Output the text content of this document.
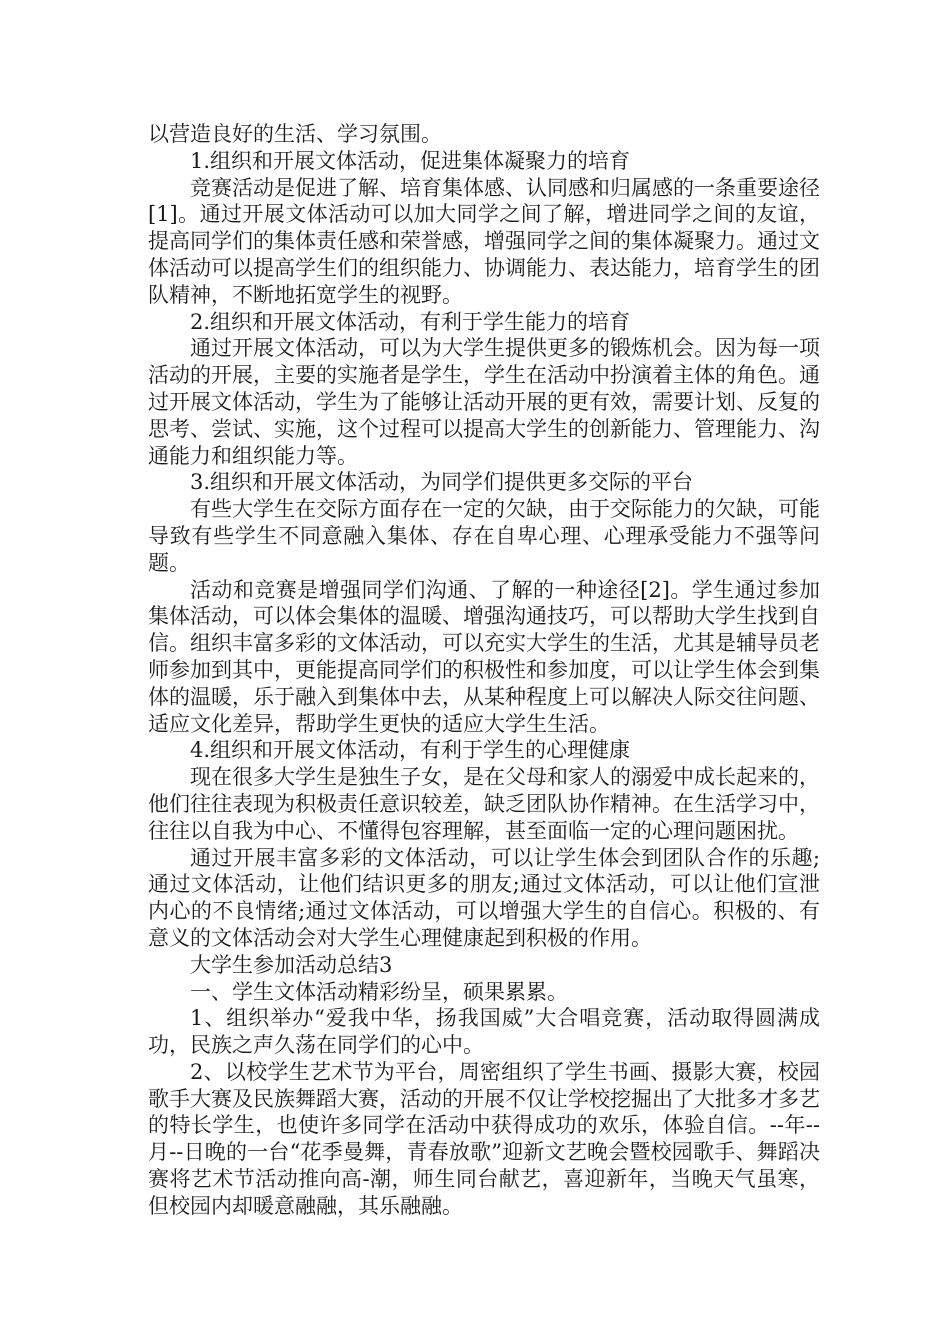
以营造良好的生活、学习氛围。

1.组织和开展文体活动，促进集体凝聚力的培育

竞赛活动是促进了解、培育集体感、认同感和归属感的一条重要途径[1]。通过开展文体活动可以加大同学之间了解，增进同学之间的友谊，提高同学们的集体责任感和荣誉感，增强同学之间的集体凝聚力。通过文体活动可以提高学生们的组织能力、协调能力、表达能力，培育学生的团队精神，不断地拓宽学生的视野。

2.组织和开展文体活动，有利于学生能力的培育

通过开展文体活动，可以为大学生提供更多的锻炼机会。因为每一项活动的开展，主要的实施者是学生，学生在活动中扮演着主体的角色。通过开展文体活动，学生为了能够让活动开展的更有效，需要计划、反复的思考、尝试、实施，这个过程可以提高大学生的创新能力、管理能力、沟通能力和组织能力等。

3.组织和开展文体活动，为同学们提供更多交际的平台

有些大学生在交际方面存在一定的欠缺，由于交际能力的欠缺，可能导致有些学生不同意融入集体、存在自卑心理、心理承受能力不强等问题。

活动和竞赛是增强同学们沟通、了解的一种途径[2]。学生通过参加集体活动，可以体会集体的温暖、增强沟通技巧，可以帮助大学生找到自信。组织丰富多彩的文体活动，可以充实大学生的生活，尤其是辅导员老师参加到其中，更能提高同学们的积极性和参加度，可以让学生体会到集体的温暖，乐于融入到集体中去，从某种程度上可以解决人际交往问题、适应文化差异，帮助学生更快的适应大学生生活。

4.组织和开展文体活动，有利于学生的心理健康

现在很多大学生是独生子女，是在父母和家人的溺爱中成长起来的，他们往往表现为积极责任意识较差，缺乏团队协作精神。在生活学习中，往往以自我为中心、不懂得包容理解，甚至面临一定的心理问题困扰。

通过开展丰富多彩的文体活动，可以让学生体会到团队合作的乐趣;通过文体活动，让他们结识更多的朋友;通过文体活动，可以让他们宣泄内心的不良情绪;通过文体活动，可以增强大学生的自信心。积极的、有意义的文体活动会对大学生心理健康起到积极的作用。

大学生参加活动总结3

一、学生文体活动精彩纷呈，硕果累累。

1、组织举办“爱我中华，扬我国威”大合唱竞赛，活动取得圆满成功，民族之声久荡在同学们的心中。

2、以校学生艺术节为平台，周密组织了学生书画、摄影大赛，校园歌手大赛及民族舞蹈大赛，活动的开展不仅让学校挖掘出了大批多才多艺的特长学生，也使许多同学在活动中获得成功的欢乐，体验自信。--年--月--日晚的一台“花季曼舞，青春放歌”迎新文艺晚会暨校园歌手、舞蹈决赛将艺术节活动推向高-潮，师生同台献艺，喜迎新年，当晚天气虽寒，但校园内却暖意融融，其乐融融。
